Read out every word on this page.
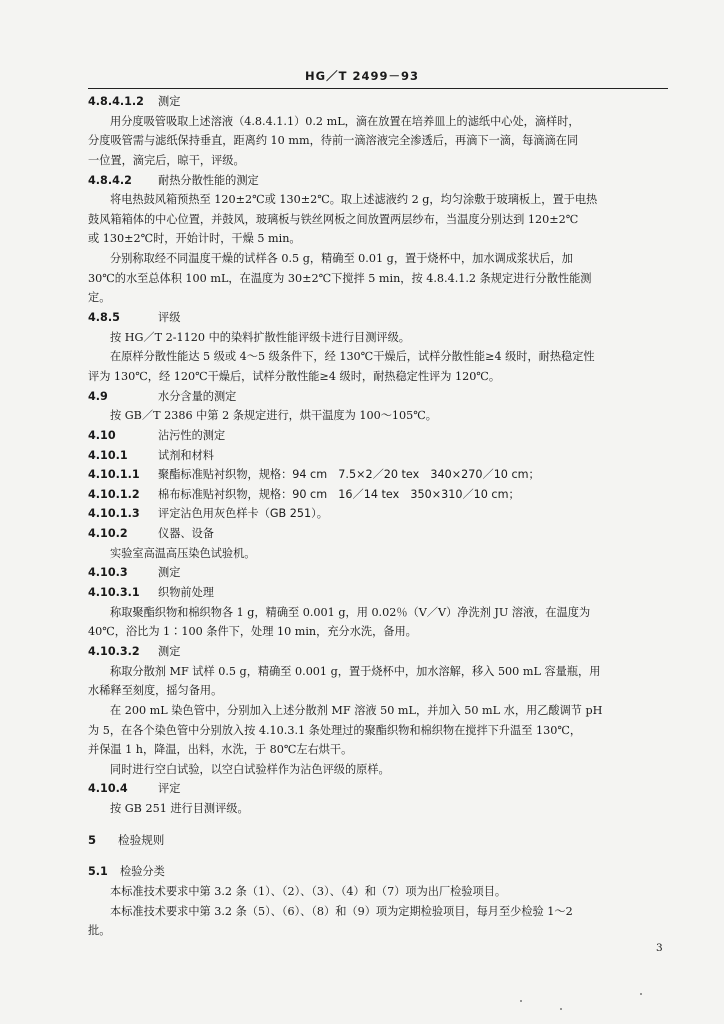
HG／T 2499－93
4.8.4.1.2 测定
用分度吸管吸取上述溶液（4.8.4.1.1）0.2 mL，滴在放置在培养皿上的滤纸中心处，滴样时，
分度吸管需与滤纸保持垂直，距离约 10 mm，待前一滴溶液完全渗透后，再滴下一滴，每滴滴在同
一位置，滴完后，晾干，评级。
4.8.4.2 耐热分散性能的测定
将电热鼓风箱预热至 120±2℃或 130±2℃。取上述滤液约 2 g，均匀涂敷于玻璃板上，置于电热
鼓风箱箱体的中心位置，并鼓风，玻璃板与铁丝网板之间放置两层纱布，当温度分别达到 120±2℃
或 130±2℃时，开始计时，干燥 5 min。
分别称取经不同温度干燥的试样各 0.5 g，精确至 0.01 g，置于烧杯中，加水调成浆状后，加
30℃的水至总体积 100 mL，在温度为 30±2℃下搅拌 5 min，按 4.8.4.1.2 条规定进行分散性能测
定。
4.8.5	评级
按 HG／T 2-1120 中的染料扩散性能评级卡进行目测评级。
在原样分散性能达 5 级或 4～5 级条件下，经 130℃干燥后，试样分散性能≥4 级时，耐热稳定性
评为 130℃，经 120℃干燥后，试样分散性能≥4 级时，耐热稳定性评为 120℃。
4.9	水分含量的测定
按 GB／T 2386 中第 2 条规定进行，烘干温度为 100～105℃。
4.10	沾污性的测定
4.10.1	试剂和材料
4.10.1.1 聚酯标准贴衬织物，规格：94 cm　7.5×2／20 tex　340×270／10 cm；
4.10.1.2 棉布标准贴衬织物，规格：90 cm　16／14 tex　350×310／10 cm；
4.10.1.3 评定沾色用灰色样卡（GB 251）。
4.10.2	仪器、设备
实验室高温高压染色试验机。
4.10.3	测定
4.10.3.1 织物前处理
称取聚酯织物和棉织物各 1 g，精确至 0.001 g，用 0.02％（V／V）净洗剂 JU 溶液，在温度为
40℃，浴比为 1∶100 条件下，处理 10 min，充分水洗，备用。
4.10.3.2 测定
称取分散剂 MF 试样 0.5 g，精确至 0.001 g，置于烧杯中，加水溶解，移入 500 mL 容量瓶，用
水稀释至刻度，摇匀备用。
在 200 mL 染色管中，分别加入上述分散剂 MF 溶液 50 mL，并加入 50 mL 水，用乙酸调节 pH
为 5，在各个染色管中分别放入按 4.10.3.1 条处理过的聚酯织物和棉织物在搅拌下升温至 130℃，
并保温 1 h，降温，出料，水洗，于 80℃左右烘干。
同时进行空白试验，以空白试验样作为沾色评级的原样。
4.10.4	评定
按 GB 251 进行目测评级。
5 检验规则
5.1 检验分类
本标准技术要求中第 3.2 条（1）、（2）、（3）、（4）和（7）项为出厂检验项目。
本标准技术要求中第 3.2 条（5）、（6）、（8）和（9）项为定期检验项目，每月至少检验 1～2
批。
3
